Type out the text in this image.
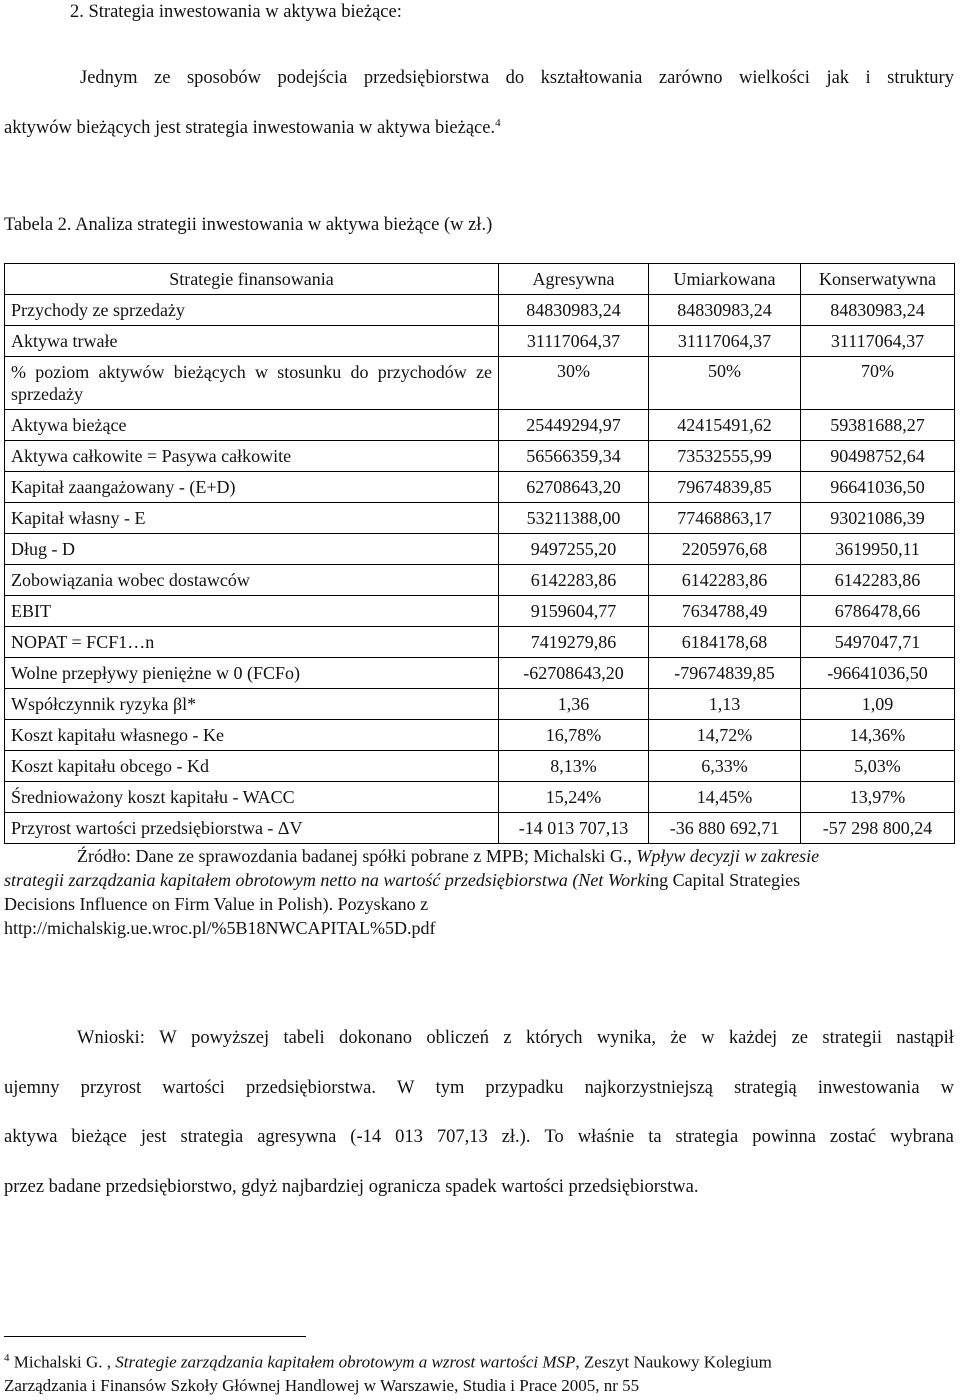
2. Strategia inwestowania w aktywa bieżące:
Jednym ze sposobów podejścia przedsiębiorstwa do kształtowania zarówno wielkości jak i struktury
aktywów bieżących jest strategia inwestowania w aktywa bieżące.$^4$
Tabela 2. Analiza strategii inwestowania w aktywa bieżące (w zł.)
Strategie finansowania	Agresywna	Umiarkowana	Konserwatywna
Przychody ze sprzedaży	84830983,24	84830983,24	84830983,24
Aktywa trwałe	31117064,37	31117064,37	31117064,37
% poziom aktywów bieżących w stosunku do przychodów ze sprzedaży	30%	50%	70%
Aktywa bieżące	25449294,97	42415491,62	59381688,27
Aktywa całkowite = Pasywa całkowite	56566359,34	73532555,99	90498752,64
Kapitał zaangażowany - (E+D)	62708643,20	79674839,85	96641036,50
Kapitał własny - E	53211388,00	77468863,17	93021086,39
Dług - D	9497255,20	2205976,68	3619950,11
Zobowiązania wobec dostawców	6142283,86	6142283,86	6142283,86
EBIT	9159604,77	7634788,49	6786478,66
NOPAT = FCF1…n	7419279,86	6184178,68	5497047,71
Wolne przepływy pieniężne w 0 (FCFo)	-62708643,20	-79674839,85	-96641036,50
Współczynnik ryzyka βl*	1,36	1,13	1,09
Koszt kapitału własnego - Ke	16,78%	14,72%	14,36%
Koszt kapitału obcego - Kd	8,13%	6,33%	5,03%
Średnioważony koszt kapitału - WACC	15,24%	14,45%	13,97%
Przyrost wartości przedsiębiorstwa - ΔV	-14 013 707,13	-36 880 692,71	-57 298 800,24
Źródło: Dane ze sprawozdania badanej spółki pobrane z MPB; Michalski G., Wpływ decyzji w zakresie
strategii zarządzania kapitałem obrotowym netto na wartość przedsiębiorstwa (Net Working Capital Strategies
Decisions Influence on Firm Value in Polish). Pozyskano z
http://michalskig.ue.wroc.pl/%5B18NWCAPITAL%5D.pdf
Wnioski: W powyższej tabeli dokonano obliczeń z których wynika, że w każdej ze strategii nastąpił
ujemny przyrost wartości przedsiębiorstwa. W tym przypadku najkorzystniejszą strategią inwestowania w
aktywa bieżące jest strategia agresywna (-14 013 707,13 zł.). To właśnie ta strategia powinna zostać wybrana
przez badane przedsiębiorstwo, gdyż najbardziej ogranicza spadek wartości przedsiębiorstwa.
$^4$ Michalski G. , Strategie zarządzania kapitałem obrotowym a wzrost wartości MSP, Zeszyt Naukowy Kolegium
Zarządzania i Finansów Szkoły Głównej Handlowej w Warszawie, Studia i Prace 2005, nr 55
